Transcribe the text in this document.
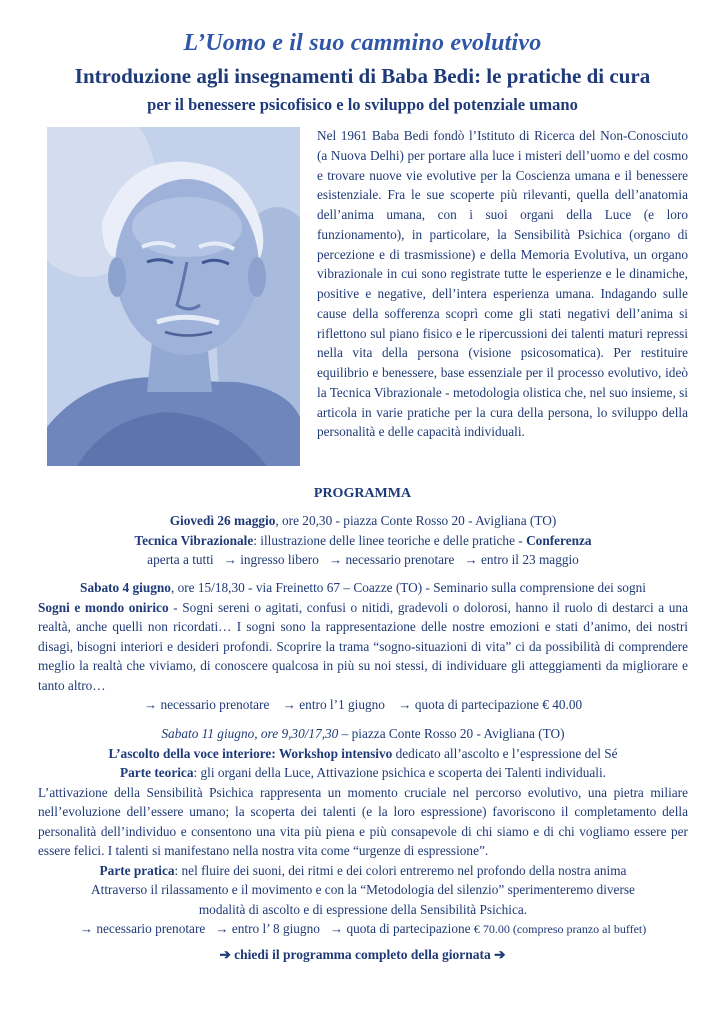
L’Uomo e il suo cammino evolutivo
Introduzione agli insegnamenti di Baba Bedi: le pratiche di cura
per il benessere psicofisico e lo sviluppo del potenziale umano
Nel 1961 Baba Bedi fondò l’Istituto di Ricerca del Non-Conosciuto (a Nuova Delhi) per portare alla luce i misteri dell’uomo e del cosmo e trovare nuove vie evolutive per la Coscienza umana e il benessere esistenziale. Fra le sue scoperte più rilevanti, quella dell’anatomia dell’anima umana, con i suoi organi della Luce (e loro funzionamento), in particolare, la Sensibilità Psichica (organo di percezione e di trasmissione) e della Memoria Evolutiva, un organo vibrazionale in cui sono registrate tutte le esperienze e le dinamiche, positive e negative, dell’intera esperienza umana. Indagando sulle cause della sofferenza scoprì come gli stati negativi dell’anima si riflettono sul piano fisico e le ripercussioni dei talenti maturi repressi nella vita della persona (visione psicosomatica). Per restituire equilibrio e benessere, base essenziale per il processo evolutivo, ideò la Tecnica Vibrazionale - metodologia olistica che, nel suo insieme, si articola in varie pratiche per la cura della persona, lo sviluppo della personalità e delle capacità individuali.
PROGRAMMA
Giovedì 26 maggio, ore 20,30 - piazza Conte Rosso 20 - Avigliana (TO)
Tecnica Vibrazionale: illustrazione delle linee teoriche e delle pratiche - Conferenza
aperta a tutti   → ingresso libero   → necessario prenotare   → entro il 23 maggio
Sabato 4 giugno, ore 15/18,30 - via Freinetto 67 – Coazze (TO) - Seminario sulla comprensione dei sogni
Sogni e mondo onirico - Sogni sereni o agitati, confusi o nitidi, gradevoli o dolorosi, hanno il ruolo di destarci a una realtà, anche quelli non ricordati… I sogni sono la rappresentazione delle nostre emozioni e stati d’animo, dei nostri disagi, bisogni interiori e desideri profondi. Scoprire la trama “sogno-situazioni di vita” ci da possibilità di comprendere meglio la realtà che viviamo, di conoscere qualcosa in più su noi stessi, di individuare gli atteggiamenti da migliorare e tanto altro…
→ necessario prenotare    → entro l’1 giugno    → quota di partecipazione € 40.00
Sabato 11 giugno, ore 9,30/17,30 – piazza Conte Rosso 20 - Avigliana (TO)
L’ascolto della voce interiore: Workshop intensivo dedicato all’ascolto e l’espressione del Sé
Parte teorica: gli organi della Luce, Attivazione psichica e scoperta dei Talenti individuali.
L’attivazione della Sensibilità Psichica rappresenta un momento cruciale nel percorso evolutivo, una pietra miliare nell’evoluzione dell’essere umano; la scoperta dei talenti (e la loro espressione) favoriscono il completamento della personalità dell’individuo e consentono una vita più piena e più consapevole di chi siamo e di chi vogliamo essere per essere felici. I talenti si manifestano nella nostra vita come “urgenze di espressione”.
Parte pratica: nel fluire dei suoni, dei ritmi e dei colori entreremo nel profondo della nostra anima
Attraverso il rilassamento e il movimento e con la “Metodologia del silenzio” sperimenteremo diverse
modalità di ascolto e di espressione della Sensibilità Psichica.
→ necessario prenotare   → entro l’ 8 giugno   → quota di partecipazione € 70.00 (compreso pranzo al buffet)
➔ chiedi il programma completo della giornata ➔
